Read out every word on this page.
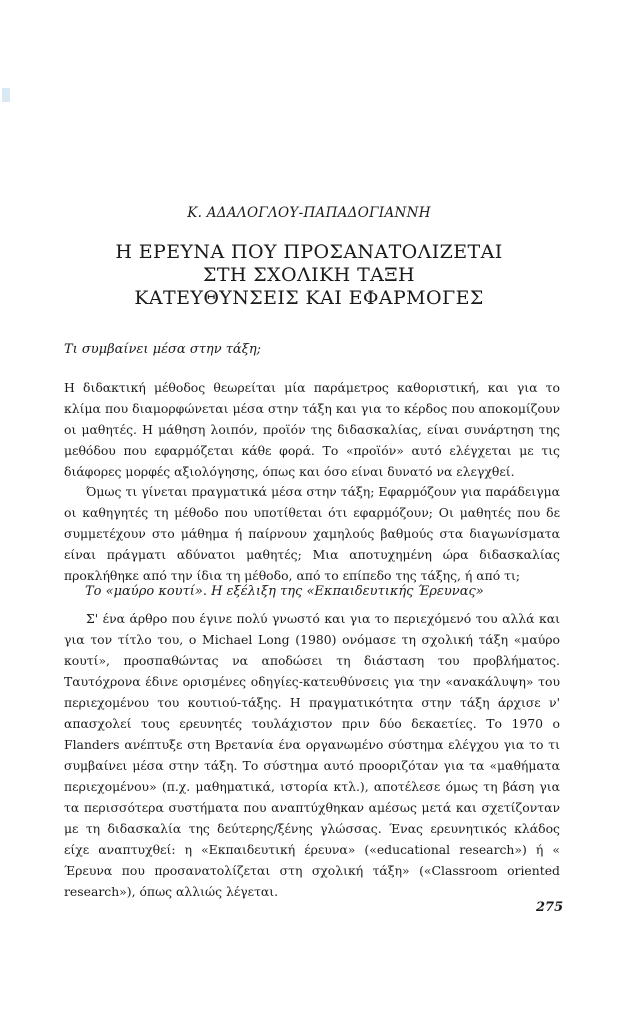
Κ. ΑΔΑΛΟΓΛΟΥ-ΠΑΠΑΔΟΓΙΑΝΝΗ
Η ΕΡΕΥΝΑ ΠΟΥ ΠΡΟΣΑΝΑΤΟΛΙΖΕΤΑΙ
ΣΤΗ ΣΧΟΛΙΚΗ ΤΑΞΗ
ΚΑΤΕΥΘΥΝΣΕΙΣ ΚΑΙ ΕΦΑΡΜΟΓΕΣ
Τι συμβαίνει μέσα στην τάξη;

Η διδακτική μέθοδος θεωρείται μία παράμετρος καθοριστική, και για το κλίμα που διαμορφώνεται μέσα στην τάξη και για το κέρδος που αποκομίζουν οι μαθητές. Η μάθηση λοιπόν, προϊόν της διδασκαλίας, είναι συνάρτηση της μεθόδου που εφαρμόζεται κάθε φορά. Το «προϊόν» αυτό ελέγχεται με τις διάφορες μορφές αξιολόγησης, όπως και όσο είναι δυνατό να ελεγχθεί.

Όμως τι γίνεται πραγματικά μέσα στην τάξη; Εφαρμόζουν για παράδειγμα οι καθηγητές τη μέθοδο που υποτίθεται ότι εφαρμόζουν; Οι μαθητές που δε συμμετέχουν στο μάθημα ή παίρνουν χαμηλούς βαθμούς στα διαγωνίσματα είναι πράγματι αδύνατοι μαθητές; Μια αποτυχημένη ώρα διδασκαλίας προκλήθηκε από την ίδια τη μέθοδο, από το επίπεδο της τάξης, ή από τι;

Το «μαύρο κουτί». Η εξέλιξη της «Εκπαιδευτικής Έρευνας»

Σ' ένα άρθρο που έγινε πολύ γνωστό και για το περιεχόμενό του αλλά και για τον τίτλο του, ο Michael Long (1980) ονόμασε τη σχολική τάξη «μαύρο κουτί», προσπαθώντας να αποδώσει τη διάσταση του προβλήματος. Ταυτόχρονα έδινε ορισμένες οδηγίες-κατευθύνσεις για την «ανακάλυψη» του περιεχομένου του κουτιού-τάξης. Η πραγματικότητα στην τάξη άρχισε ν' απασχολεί τους ερευνητές τουλάχιστον πριν δύο δεκαετίες. Το 1970 ο Flanders ανέπτυξε στη Βρετανία ένα οργανωμένο σύστημα ελέγχου για το τι συμβαίνει μέσα στην τάξη. Το σύστημα αυτό προοριζόταν για τα «μαθήματα περιεχομένου» (π.χ. μαθηματικά, ιστορία κτλ.), αποτέλεσε όμως τη βάση για τα περισσότερα συστήματα που αναπτύχθηκαν αμέσως μετά και σχετίζονταν με τη διδασκαλία της δεύτερης/ξένης γλώσσας. Ένας ερευνητικός κλάδος είχε αναπτυχθεί: η «Εκπαιδευτική έρευνα» («educational research») ή « Έρευνα που προσανατολίζεται στη σχολική τάξη» («Classroom oriented research»), όπως αλλιώς λέγεται.

275
